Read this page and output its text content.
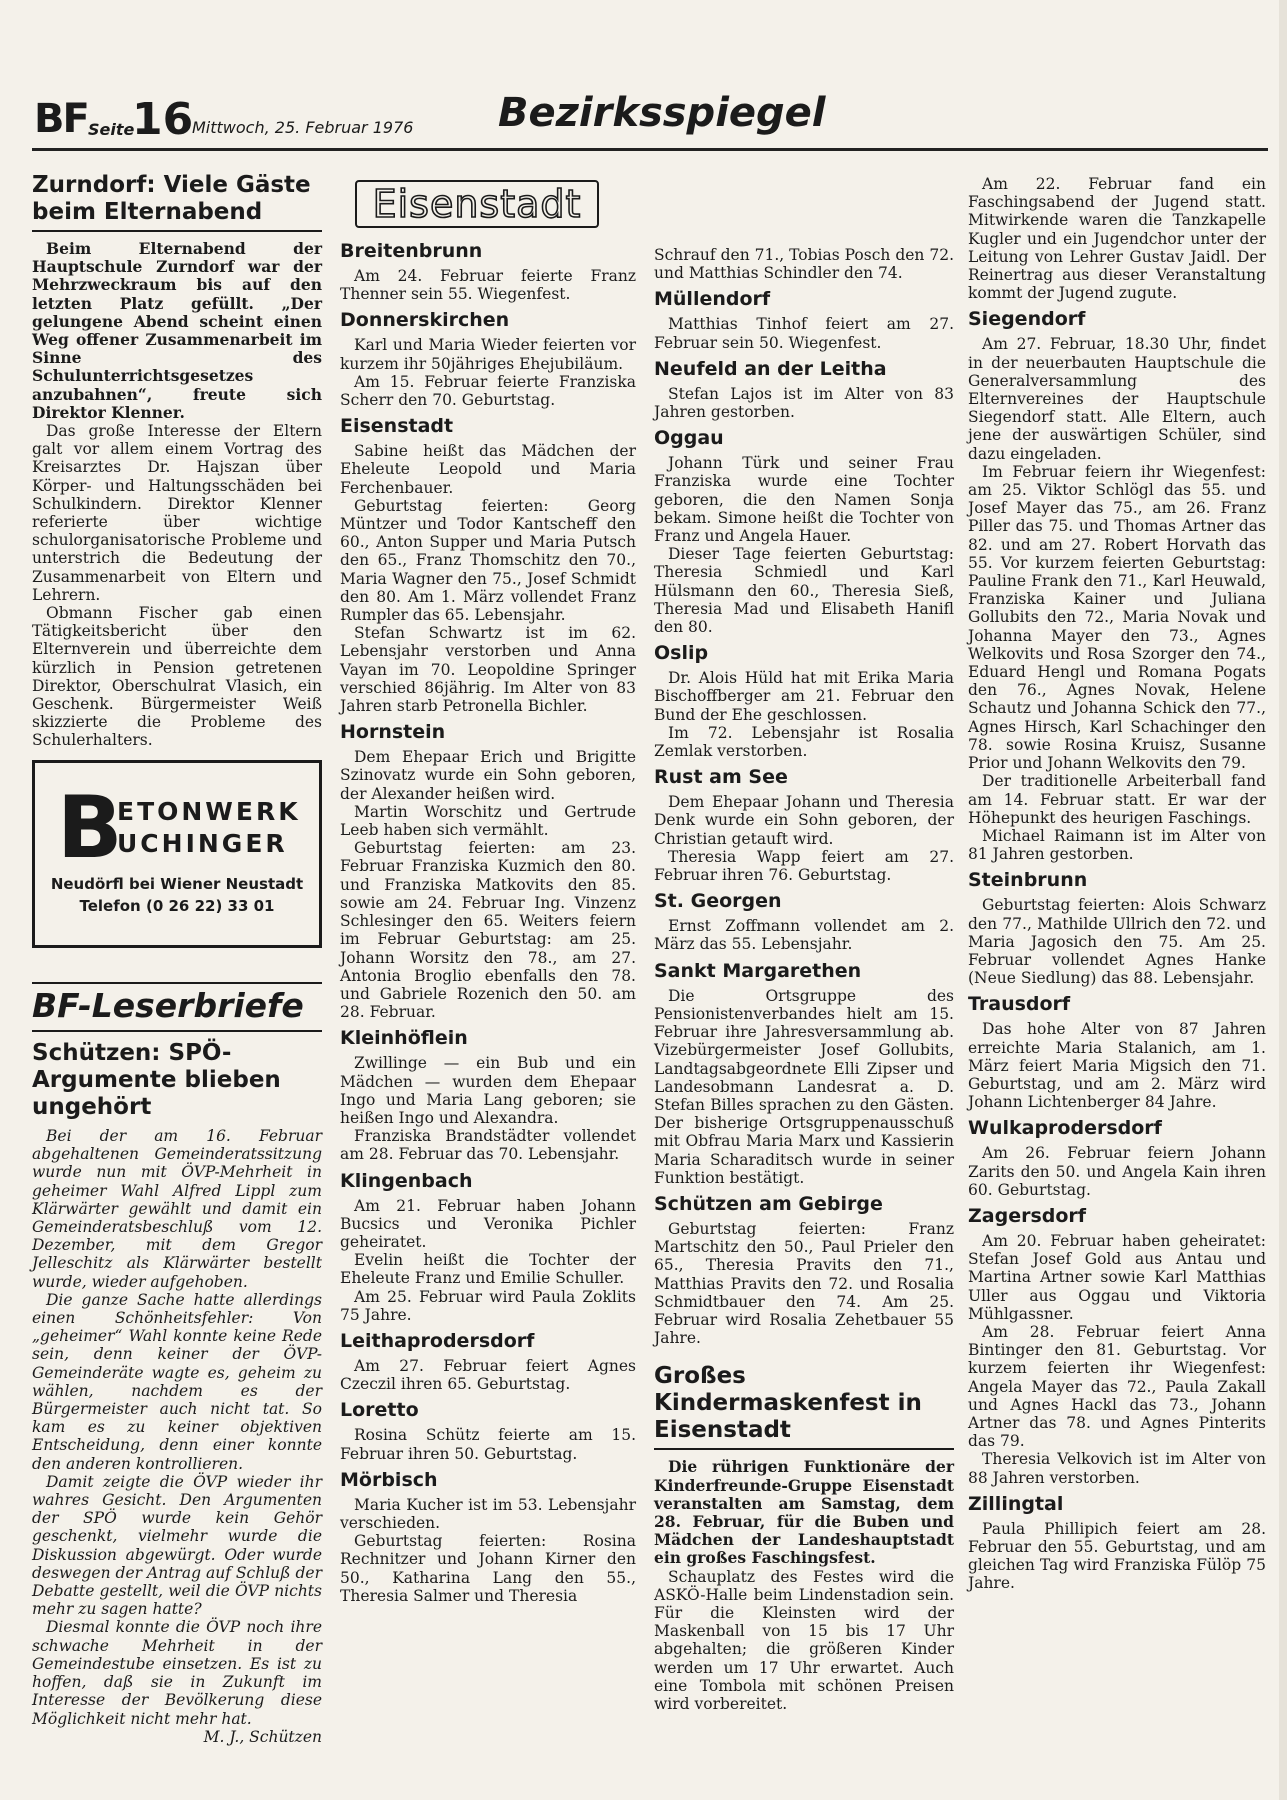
BF Seite
16
Mittwoch, 25. Februar 1976 Bezirksspiegel
Zurndorf: Viele Gäste beim Elternabend

Beim Elternabend der Hauptschule Zurndorf war der Mehrzweckraum bis auf den letzten Platz gefüllt. „Der gelungene Abend scheint einen Weg offener Zusammenarbeit im Sinne des Schulunterrichtsgesetzes anzubahnen“, freute sich Direktor Klenner.

Das große Interesse der Eltern galt vor allem einem Vortrag des Kreisarztes Dr. Hajszan über Körper- und Haltungsschäden bei Schulkindern. Direktor Klenner referierte über wichtige schulorganisatorische Probleme und unterstrich die Bedeutung der Zusammenarbeit von Eltern und Lehrern.

Obmann Fischer gab einen Tätigkeitsbericht über den Elternverein und überreichte dem kürzlich in Pension getretenen Direktor, Oberschulrat Vlasich, ein Geschenk. Bürgermeister Weiß skizzierte die Probleme des Schulerhalters.

B
ETONWERK
UCHINGER
Neudörfl bei Wiener Neustadt
Telefon (0 26 22) 33 01
BF-Leserbriefe
Schützen: SPÖ-Argumente blieben ungehört

Bei der am 16. Februar abgehaltenen Gemeinderatssitzung wurde nun mit ÖVP-Mehrheit in geheimer Wahl Alfred Lippl zum Klärwärter gewählt und damit ein Gemeinderatsbeschluß vom 12. Dezember, mit dem Gregor Jelleschitz als Klärwärter bestellt wurde, wieder aufgehoben.

Die ganze Sache hatte allerdings einen Schönheitsfehler: Von „geheimer“ Wahl konnte keine Rede sein, denn keiner der ÖVP-Gemeinderäte wagte es, geheim zu wählen, nachdem es der Bürgermeister auch nicht tat. So kam es zu keiner objektiven Entscheidung, denn einer konnte den anderen kontrollieren.

Damit zeigte die ÖVP wieder ihr wahres Gesicht. Den Argumenten der SPÖ wurde kein Gehör geschenkt, vielmehr wurde die Diskussion abgewürgt. Oder wurde deswegen der Antrag auf Schluß der Debatte gestellt, weil die ÖVP nichts mehr zu sagen hatte?

Diesmal konnte die ÖVP noch ihre schwache Mehrheit in der Gemeindestube einsetzen. Es ist zu hoffen, daß sie in Zukunft im Interesse der Bevölkerung diese Möglichkeit nicht mehr hat.

M. J., Schützen

Eisenstadt
Breitenbrunn

Am 24. Februar feierte Franz Thenner sein 55. Wiegenfest.

Donnerskirchen

Karl und Maria Wieder feierten vor kurzem ihr 50jähriges Ehejubiläum.

Am 15. Februar feierte Franziska Scherr den 70. Geburtstag.

Eisenstadt

Sabine heißt das Mädchen der Eheleute Leopold und Maria Ferchenbauer.

Geburtstag feierten: Georg Müntzer und Todor Kantscheff den 60., Anton Supper und Maria Putsch den 65., Franz Thomschitz den 70., Maria Wagner den 75., Josef Schmidt den 80. Am 1. März vollendet Franz Rumpler das 65. Lebensjahr.

Stefan Schwartz ist im 62. Lebensjahr verstorben und Anna Vayan im 70. Leopoldine Springer verschied 86jährig. Im Alter von 83 Jahren starb Petronella Bichler.

Hornstein

Dem Ehepaar Erich und Brigitte Szinovatz wurde ein Sohn geboren, der Alexander heißen wird.

Martin Worschitz und Gertrude Leeb haben sich vermählt.

Geburtstag feierten: am 23. Februar Franziska Kuzmich den 80. und Franziska Matkovits den 85. sowie am 24. Februar Ing. Vinzenz Schlesinger den 65. Weiters feiern im Februar Geburtstag: am 25. Johann Worsitz den 78., am 27. Antonia Broglio ebenfalls den 78. und Gabriele Rozenich den 50. am 28. Februar.

Kleinhöflein

Zwillinge — ein Bub und ein Mädchen — wurden dem Ehepaar Ingo und Maria Lang geboren; sie heißen Ingo und Alexandra.

Franziska Brandstädter vollendet am 28. Februar das 70. Lebensjahr.

Klingenbach

Am 21. Februar haben Johann Bucsics und Veronika Pichler geheiratet.

Evelin heißt die Tochter der Eheleute Franz und Emilie Schuller.

Am 25. Februar wird Paula Zoklits 75 Jahre.

Leithaprodersdorf

Am 27. Februar feiert Agnes Czeczil ihren 65. Geburtstag.

Loretto

Rosina Schütz feierte am 15. Februar ihren 50. Geburtstag.

Mörbisch

Maria Kucher ist im 53. Lebensjahr verschieden.

Geburtstag feierten: Rosina Rechnitzer und Johann Kirner den 50., Katharina Lang den 55., Theresia Salmer und Theresia

Schrauf den 71., Tobias Posch den 72. und Matthias Schindler den 74.

Müllendorf

Matthias Tinhof feiert am 27. Februar sein 50. Wiegenfest.

Neufeld an der Leitha

Stefan Lajos ist im Alter von 83 Jahren gestorben.

Oggau

Johann Türk und seiner Frau Franziska wurde eine Tochter geboren, die den Namen Sonja bekam. Simone heißt die Tochter von Franz und Angela Hauer.

Dieser Tage feierten Geburtstag: Theresia Schmiedl und Karl Hülsmann den 60., Theresia Sieß, Theresia Mad und Elisabeth Hanifl den 80.

Oslip

Dr. Alois Hüld hat mit Erika Maria Bischoffberger am 21. Februar den Bund der Ehe geschlossen.

Im 72. Lebensjahr ist Rosalia Zemlak verstorben.

Rust am See

Dem Ehepaar Johann und Theresia Denk wurde ein Sohn geboren, der Christian getauft wird.

Theresia Wapp feiert am 27. Februar ihren 76. Geburtstag.

St. Georgen

Ernst Zoffmann vollendet am 2. März das 55. Lebensjahr.

Sankt Margarethen

Die Ortsgruppe des Pensionistenverbandes hielt am 15. Februar ihre Jahresversammlung ab. Vizebürgermeister Josef Gollubits, Landtagsabgeordnete Elli Zipser und Landesobmann Landesrat a. D. Stefan Billes sprachen zu den Gästen. Der bisherige Ortsgruppenausschuß mit Obfrau Maria Marx und Kassierin Maria Scharaditsch wurde in seiner Funktion bestätigt.

Schützen am Gebirge

Geburtstag feierten: Franz Martschitz den 50., Paul Prieler den 65., Theresia Pravits den 71., Matthias Pravits den 72. und Rosalia Schmidtbauer den 74. Am 25. Februar wird Rosalia Zehetbauer 55 Jahre.

Großes Kindermaskenfest in Eisenstadt

Die rührigen Funktionäre der Kinderfreunde-Gruppe Eisenstadt veranstalten am Samstag, dem 28. Februar, für die Buben und Mädchen der Landeshauptstadt ein großes Faschingsfest.

Schauplatz des Festes wird die ASKÖ-Halle beim Lindenstadion sein. Für die Kleinsten wird der Maskenball von 15 bis 17 Uhr abgehalten; die größeren Kinder werden um 17 Uhr erwartet. Auch eine Tombola mit schönen Preisen wird vorbereitet.

Am 22. Februar fand ein Faschingsabend der Jugend statt. Mitwirkende waren die Tanzkapelle Kugler und ein Jugendchor unter der Leitung von Lehrer Gustav Jaidl. Der Reinertrag aus dieser Veranstaltung kommt der Jugend zugute.

Siegendorf

Am 27. Februar, 18.30 Uhr, findet in der neuerbauten Hauptschule die Generalversammlung des Elternvereines der Hauptschule Siegendorf statt. Alle Eltern, auch jene der auswärtigen Schüler, sind dazu eingeladen.

Im Februar feiern ihr Wiegenfest: am 25. Viktor Schlögl das 55. und Josef Mayer das 75., am 26. Franz Piller das 75. und Thomas Artner das 82. und am 27. Robert Horvath das 55. Vor kurzem feierten Geburtstag: Pauline Frank den 71., Karl Heuwald, Franziska Kainer und Juliana Gollubits den 72., Maria Novak und Johanna Mayer den 73., Agnes Welkovits und Rosa Szorger den 74., Eduard Hengl und Romana Pogats den 76., Agnes Novak, Helene Schautz und Johanna Schick den 77., Agnes Hirsch, Karl Schachinger den 78. sowie Rosina Kruisz, Susanne Prior und Johann Welkovits den 79.

Der traditionelle Arbeiterball fand am 14. Februar statt. Er war der Höhepunkt des heurigen Faschings.

Michael Raimann ist im Alter von 81 Jahren gestorben.

Steinbrunn

Geburtstag feierten: Alois Schwarz den 77., Mathilde Ullrich den 72. und Maria Jagosich den 75. Am 25. Februar vollendet Agnes Hanke (Neue Siedlung) das 88. Lebensjahr.

Trausdorf

Das hohe Alter von 87 Jahren erreichte Maria Stalanich, am 1. März feiert Maria Migsich den 71. Geburtstag, und am 2. März wird Johann Lichtenberger 84 Jahre.

Wulkaprodersdorf

Am 26. Februar feiern Johann Zarits den 50. und Angela Kain ihren 60. Geburtstag.

Zagersdorf

Am 20. Februar haben geheiratet: Stefan Josef Gold aus Antau und Martina Artner sowie Karl Matthias Uller aus Oggau und Viktoria Mühlgassner.

Am 28. Februar feiert Anna Bintinger den 81. Geburtstag. Vor kurzem feierten ihr Wiegenfest: Angela Mayer das 72., Paula Zakall und Agnes Hackl das 73., Johann Artner das 78. und Agnes Pinterits das 79.

Theresia Velkovich ist im Alter von 88 Jahren verstorben.

Zillingtal

Paula Phillipich feiert am 28. Februar den 55. Geburtstag, und am gleichen Tag wird Franziska Fülöp 75 Jahre.
